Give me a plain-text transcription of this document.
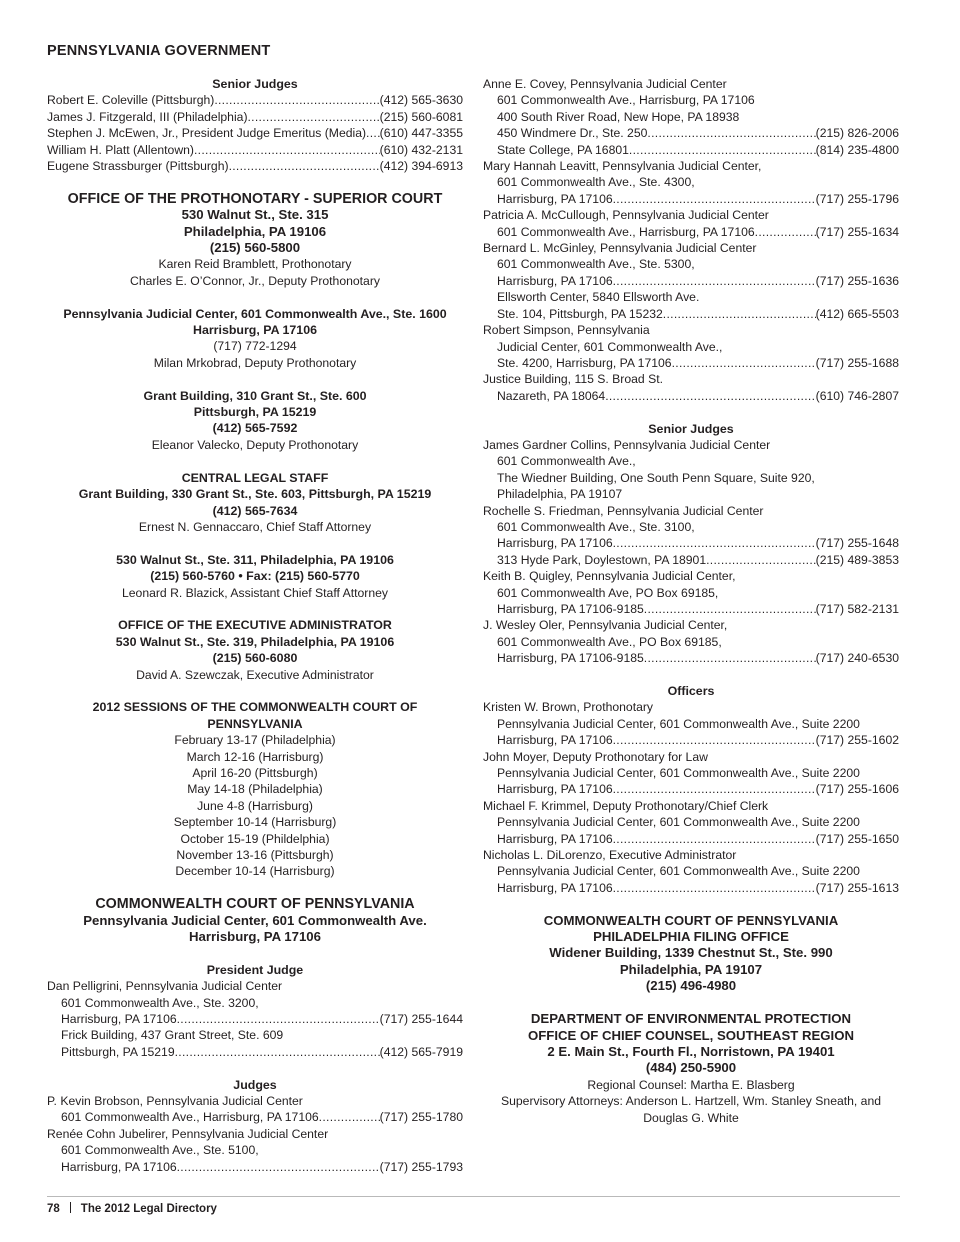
PENNSYLVANIA GOVERNMENT
Senior Judges
Robert E. Coleville (Pittsburgh) .....	(412) 565-3630
James J. Fitzgerald, III (Philadelphia) .....	(215) 560-6081
Stephen J. McEwen, Jr., President Judge Emeritus (Media) ..... (610) 447-3355
William H. Platt (Allentown) .....	(610) 432-2131
Eugene Strassburger (Pittsburgh) .....	(412) 394-6913
OFFICE OF THE PROTHONOTARY - SUPERIOR COURT
530 Walnut St., Ste. 315
Philadelphia, PA 19106
(215) 560-5800
Karen Reid Bramblett, Prothonotary
Charles E. O’Connor, Jr., Deputy Prothonotary
Pennsylvania Judicial Center, 601 Commonwealth Ave., Ste. 1600
Harrisburg, PA 17106
(717) 772-1294
Milan Mrkobrad, Deputy Prothonotary
Grant Building, 310 Grant St., Ste. 600
Pittsburgh, PA 15219
(412) 565-7592
Eleanor Valecko, Deputy Prothonotary
CENTRAL LEGAL STAFF
Grant Building, 330 Grant St., Ste. 603, Pittsburgh, PA 15219
(412) 565-7634
Ernest N. Gennaccaro, Chief Staff Attorney
530 Walnut St., Ste. 311, Philadelphia, PA 19106
(215) 560-5760 • Fax: (215) 560-5770
Leonard R. Blazick, Assistant Chief Staff Attorney
OFFICE OF THE EXECUTIVE ADMINISTRATOR
530 Walnut St., Ste. 319, Philadelphia, PA 19106
(215) 560-6080
David A. Szewczak, Executive Administrator
2012 SESSIONS OF THE COMMONWEALTH COURT OF
PENNSYLVANIA
February 13-17 (Philadelphia)
March 12-16 (Harrisburg)
April 16-20 (Pittsburgh)
May 14-18 (Philadelphia)
June 4-8 (Harrisburg)
September 10-14 (Harrisburg)
October 15-19 (Phildelphia)
November 13-16 (Pittsburgh)
December 10-14 (Harrisburg)
COMMONWEALTH COURT OF PENNSYLVANIA
Pennsylvania Judicial Center, 601 Commonwealth Ave.
Harrisburg, PA 17106
President Judge
Dan Pelligrini, Pennsylvania Judicial Center
601 Commonwealth Ave., Ste. 3200,
Harrisburg, PA 17106 .....	(717) 255-1644
Frick Building, 437 Grant Street, Ste. 609
Pittsburgh, PA 15219 .....	(412) 565-7919
Judges
P. Kevin Brobson, Pennsylvania Judicial Center
601 Commonwealth Ave., Harrisburg, PA 17106 .....	(717) 255-1780
Renée Cohn Jubelirer, Pennsylvania Judicial Center
601 Commonwealth Ave., Ste. 5100,
Harrisburg, PA 17106 .....	(717) 255-1793
Anne E. Covey, Pennsylvania Judicial Center
601 Commonwealth Ave., Harrisburg, PA 17106
400 South River Road, New Hope, PA 18938
450 Windmere Dr., Ste. 250 .....	(215) 826-2006
State College, PA 16801 .....	(814) 235-4800
Mary Hannah Leavitt, Pennsylvania Judicial Center,
601 Commonwealth Ave., Ste. 4300,
Harrisburg, PA 17106 .....	(717) 255-1796
Patricia A. McCullough, Pennsylvania Judicial Center
601 Commonwealth Ave., Harrisburg, PA 17106 .....	(717) 255-1634
Bernard L. McGinley, Pennsylvania Judicial Center
601 Commonwealth Ave., Ste. 5300,
Harrisburg, PA 17106 .....	(717) 255-1636
Ellsworth Center, 5840 Ellsworth Ave.
Ste. 104, Pittsburgh, PA 15232 .....	(412) 665-5503
Robert Simpson, Pennsylvania
Judicial Center, 601 Commonwealth Ave.,
Ste. 4200, Harrisburg, PA 17106 .....	(717) 255-1688
Justice Building, 115 S. Broad St.
Nazareth, PA 18064 .....	(610) 746-2807
Senior Judges
James Gardner Collins, Pennsylvania Judicial Center
601 Commonwealth Ave.,
The Wiedner Building, One South Penn Square, Suite 920,
Philadelphia, PA 19107
Rochelle S. Friedman, Pennsylvania Judicial Center
601 Commonwealth Ave., Ste. 3100,
Harrisburg, PA 17106 .....	(717) 255-1648
313 Hyde Park, Doylestown, PA 18901 .....	(215) 489-3853
Keith B. Quigley, Pennsylvania Judicial Center,
601 Commonwealth Ave, PO Box 69185,
Harrisburg, PA 17106-9185 .....	(717) 582-2131
J. Wesley Oler, Pennsylvania Judicial Center,
601 Commonwealth Ave., PO Box 69185,
Harrisburg, PA 17106-9185 .....	(717) 240-6530
Officers
Kristen W. Brown, Prothonotary
Pennsylvania Judicial Center, 601 Commonwealth Ave., Suite 2200
Harrisburg, PA 17106 .....	(717) 255-1602
John Moyer, Deputy Prothonotary for Law
Pennsylvania Judicial Center, 601 Commonwealth Ave., Suite 2200
Harrisburg, PA 17106 .....	(717) 255-1606
Michael F. Krimmel, Deputy Prothonotary/Chief Clerk
Pennsylvania Judicial Center, 601 Commonwealth Ave., Suite 2200
Harrisburg, PA 17106 .....	(717) 255-1650
Nicholas L. DiLorenzo, Executive Administrator
Pennsylvania Judicial Center, 601 Commonwealth Ave., Suite 2200
Harrisburg, PA 17106 .....	(717) 255-1613
COMMONWEALTH COURT OF PENNSYLVANIA
PHILADELPHIA FILING OFFICE
Widener Building, 1339 Chestnut St., Ste. 990
Philadelphia, PA 19107
(215) 496-4980
DEPARTMENT OF ENVIRONMENTAL PROTECTION
OFFICE OF CHIEF COUNSEL, SOUTHEAST REGION
2 E. Main St., Fourth Fl., Norristown, PA 19401
(484) 250-5900
Regional Counsel: Martha E. Blasberg
Supervisory Attorneys: Anderson L. Hartzell, Wm. Stanley Sneath, and
Douglas G. White
78 The 2012 Legal Directory
